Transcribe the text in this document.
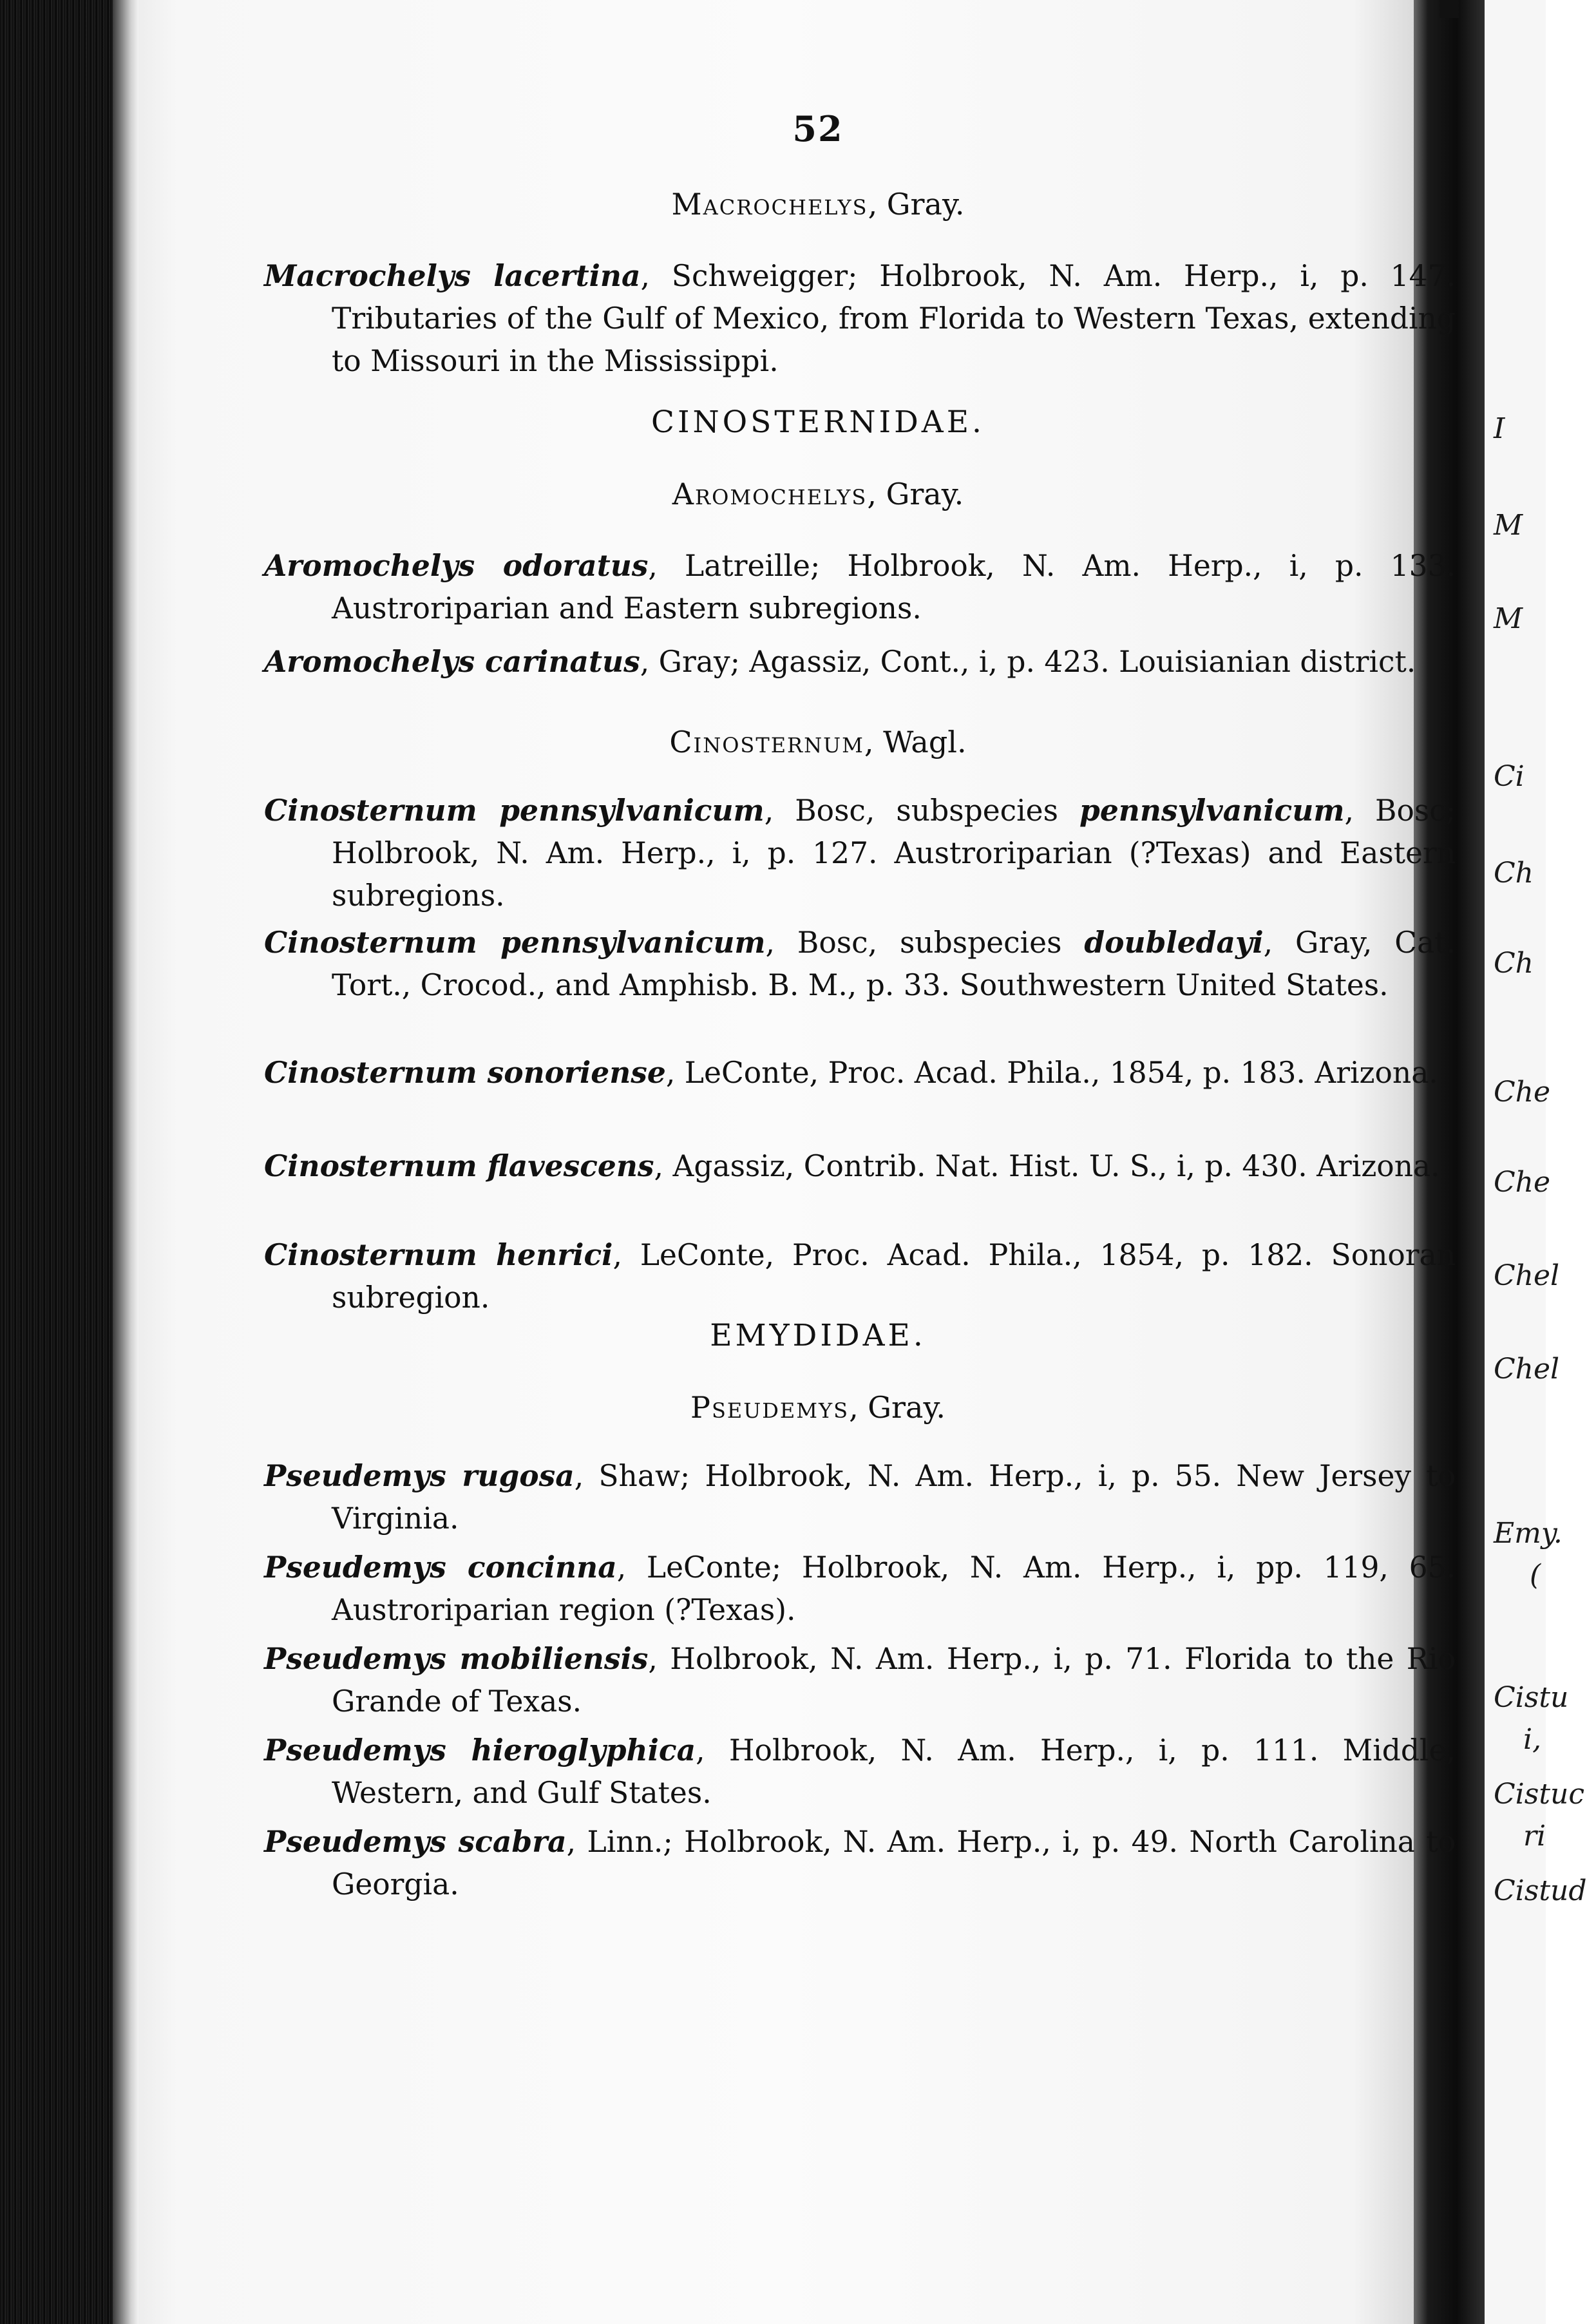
I
M
M
Ci
Ch
Ch
Che
Che
Chel
Chel
Emy.
(
Cistu
i,
Cistuc
ri
Cistud
52
Macrochelys, Gray.
Macrochelys lacertina, Schweigger; Holbrook, N. Am. Herp., i, p. 147. Tributaries of the Gulf of Mexico, from Florida to Western Texas, extending to Missouri in the Mississippi.
CINOSTERNIDAE.
Aromochelys, Gray.
Aromochelys odoratus, Latreille; Holbrook, N. Am. Herp., i, p. 133. Austroriparian and Eastern subregions.
Aromochelys carinatus, Gray; Agassiz, Cont., i, p. 423. Louisianian district.
Cinosternum, Wagl.
Cinosternum pennsylvanicum, Bosc, subspecies pennsylvanicum, Bosc; Holbrook, N. Am. Herp., i, p. 127. Austroriparian (?Texas) and Eastern subregions.
Cinosternum pennsylvanicum, Bosc, subspecies doubledayi, Gray, Cat. Tort., Crocod., and Amphisb. B. M., p. 33. Southwestern United States.
Cinosternum sonoriense, LeConte, Proc. Acad. Phila., 1854, p. 183. Arizona.
Cinosternum flavescens, Agassiz, Contrib. Nat. Hist. U. S., i, p. 430. Arizona.
Cinosternum henrici, LeConte, Proc. Acad. Phila., 1854, p. 182. Sonoran subregion.
EMYDIDAE.
Pseudemys, Gray.
Pseudemys rugosa, Shaw; Holbrook, N. Am. Herp., i, p. 55. New Jersey to Virginia.
Pseudemys concinna, LeConte; Holbrook, N. Am. Herp., i, pp. 119, 65. Austroriparian region (?Texas).
Pseudemys mobiliensis, Holbrook, N. Am. Herp., i, p. 71. Florida to the Rio Grande of Texas.
Pseudemys hieroglyphica, Holbrook, N. Am. Herp., i, p. 111. Middle, Western, and Gulf States.
Pseudemys scabra, Linn.; Holbrook, N. Am. Herp., i, p. 49. North Carolina to Georgia.
